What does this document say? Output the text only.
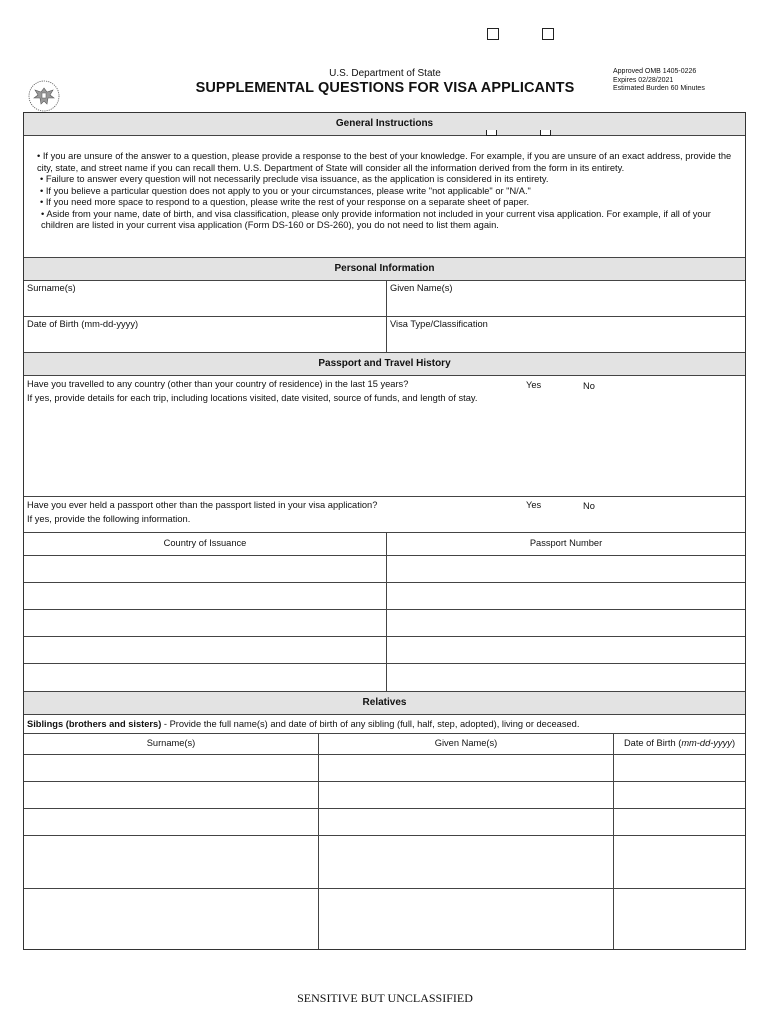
U.S. Department of State
SUPPLEMENTAL QUESTIONS FOR VISA APPLICANTS
Approved OMB 1405-0226
Expires 02/28/2021
Estimated Burden 60 Minutes
General Instructions
• If you are unsure of the answer to a question, please provide a response to the best of your knowledge. For example, if you are unsure of an exact address, provide the city, state, and street name if you can recall them. U.S. Department of State will consider all the information derived from the form in its entirety.
• Failure to answer every question will not necessarily preclude visa issuance, as the application is considered in its entirety.
• If you believe a particular question does not apply to you or your circumstances, please write "not applicable" or "N/A."
• If you need more space to respond to a question, please write the rest of your response on a separate sheet of paper.
• Aside from your name, date of birth, and visa classification, please only provide information not included in your current visa application. For example, if all of your children are listed in your current visa application (Form DS-160 or DS-260), you do not need to list them again.
Personal Information
Surname(s)	Given Name(s)
Date of Birth (mm-dd-yyyy)	Visa Type/Classification
Passport and Travel History
Have you travelled to any country (other than your country of residence) in the last 15 years?	Yes	No
If yes, provide details for each trip, including locations visited, date visited, source of funds, and length of stay.
Have you ever held a passport other than the passport listed in your visa application?	Yes	No
If yes, provide the following information.
Country of Issuance	Passport Number
Relatives
Siblings (brothers and sisters) - Provide the full name(s) and date of birth of any sibling (full, half, step, adopted), living or deceased.
Surname(s)	Given Name(s)	Date of Birth (mm-dd-yyyy)
SENSITIVE BUT UNCLASSIFIED
